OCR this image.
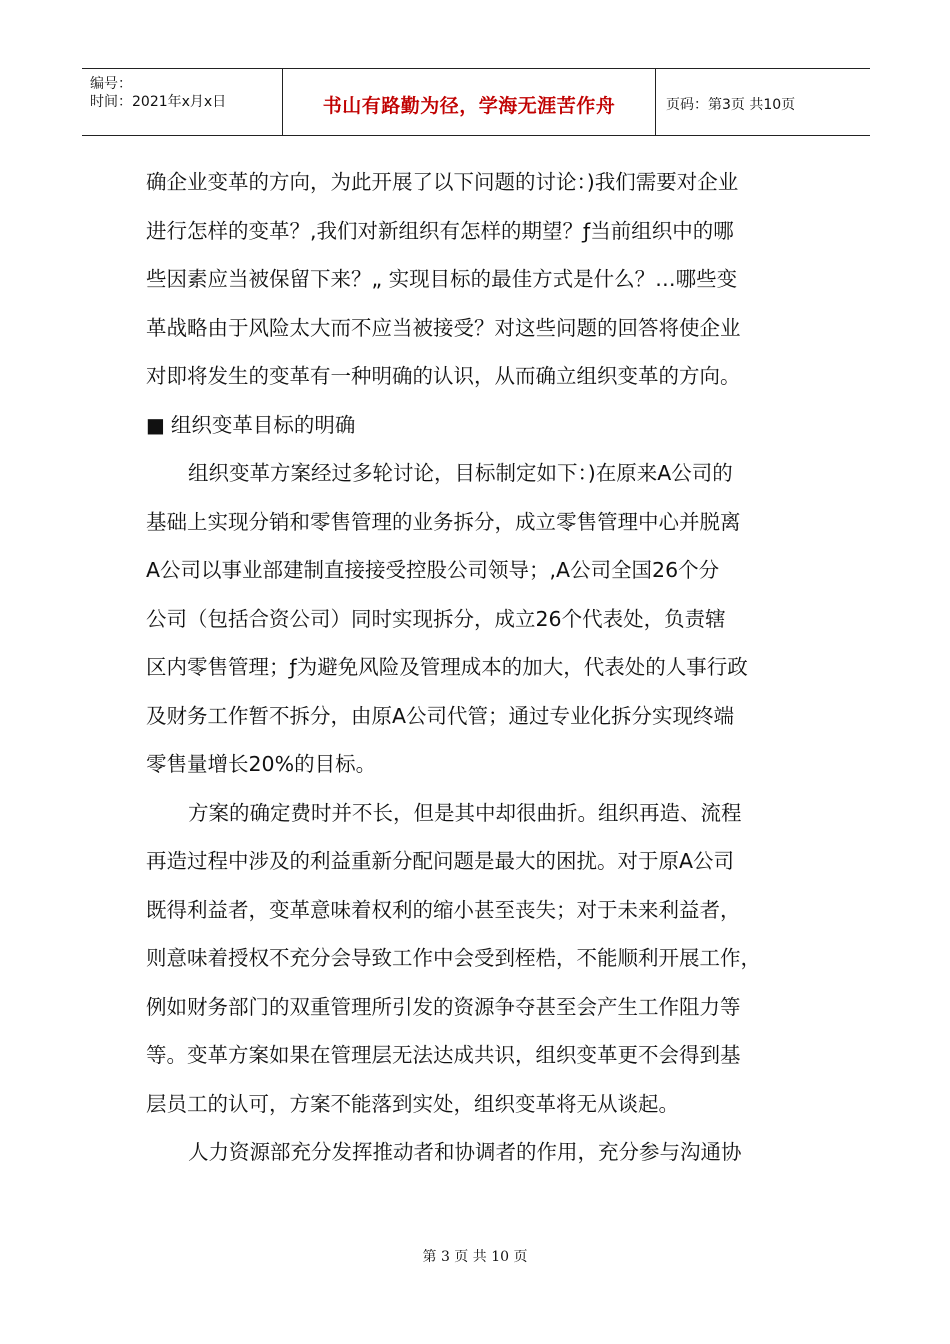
编号：
时间：2021年x月x日	书山有路勤为径，学海无涯苦作舟	页码：第3页 共10页
确企业变革的方向，为此开展了以下问题的讨论：)我们需要对企业
进行怎样的变革？,我们对新组织有怎样的期望？ƒ当前组织中的哪
些因素应当被保留下来？„ 实现目标的最佳方式是什么？…哪些变
革战略由于风险太大而不应当被接受？对这些问题的回答将使企业
对即将发生的变革有一种明确的认识，从而确立组织变革的方向。
■ 组织变革目标的明确
组织变革方案经过多轮讨论，目标制定如下：)在原来A公司的
基础上实现分销和零售管理的业务拆分，成立零售管理中心并脱离
A公司以事业部建制直接接受控股公司领导；,A公司全国26个分
公司（包括合资公司）同时实现拆分，成立26个代表处，负责辖
区内零售管理；ƒ为避免风险及管理成本的加大，代表处的人事行政
及财务工作暂不拆分，由原A公司代管；通过专业化拆分实现终端
零售量增长20%的目标。
方案的确定费时并不长，但是其中却很曲折。组织再造、流程
再造过程中涉及的利益重新分配问题是最大的困扰。对于原A公司
既得利益者，变革意味着权利的缩小甚至丧失；对于未来利益者，
则意味着授权不充分会导致工作中会受到桎梏，不能顺利开展工作，
例如财务部门的双重管理所引发的资源争夺甚至会产生工作阻力等
等。变革方案如果在管理层无法达成共识，组织变革更不会得到基
层员工的认可，方案不能落到实处，组织变革将无从谈起。
人力资源部充分发挥推动者和协调者的作用，充分参与沟通协
第 3 页 共 10 页
